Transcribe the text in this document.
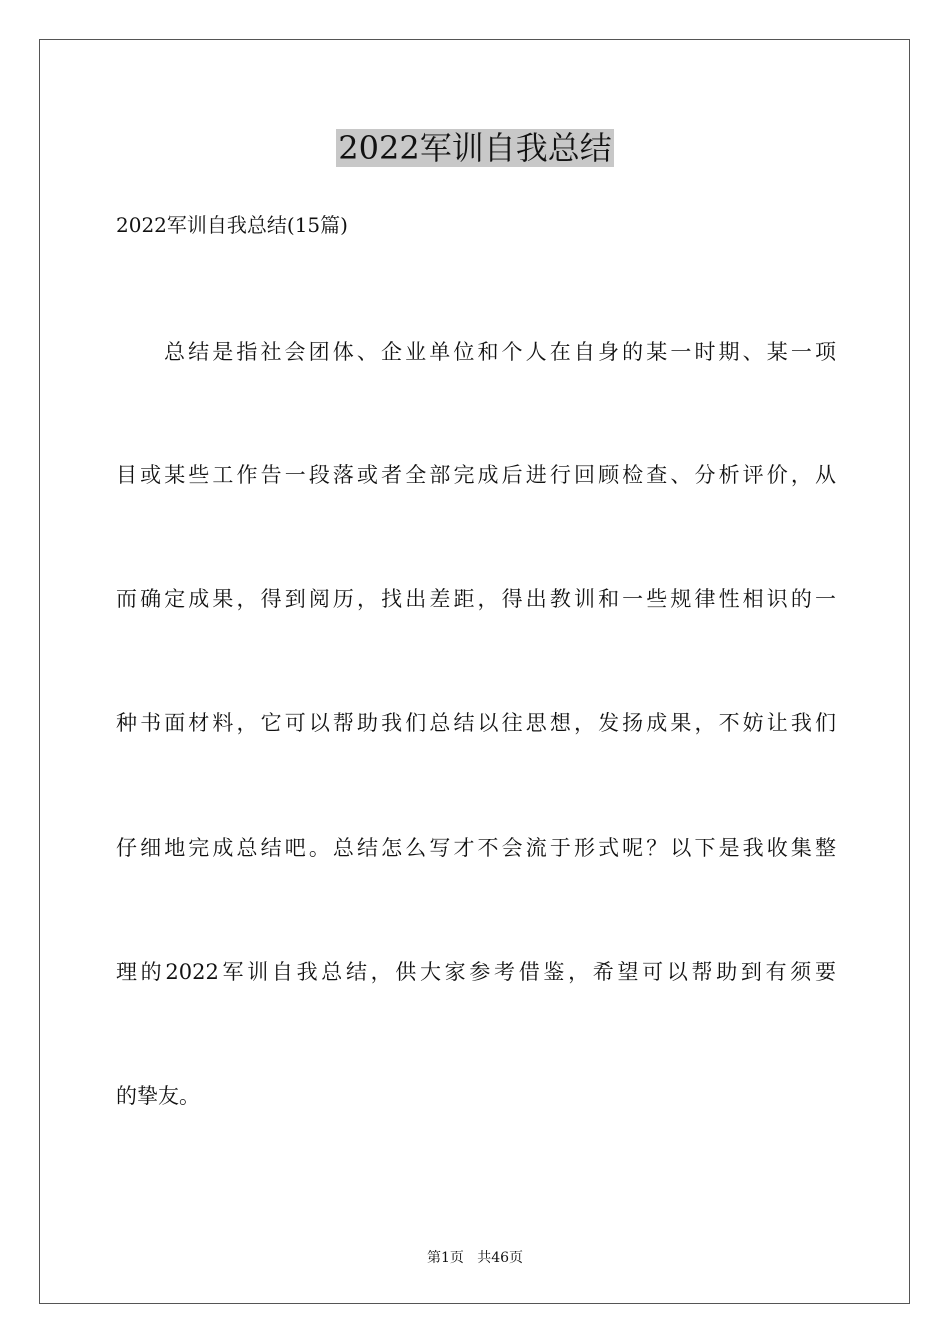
2022军训自我总结
2022军训自我总结(15篇)
总结是指社会团体、企业单位和个人在自身的某一时期、某一项
目或某些工作告一段落或者全部完成后进行回顾检查、分析评价，从
而确定成果，得到阅历，找出差距，得出教训和一些规律性相识的一
种书面材料，它可以帮助我们总结以往思想，发扬成果，不妨让我们
仔细地完成总结吧。总结怎么写才不会流于形式呢？以下是我收集整
理的2022军训自我总结，供大家参考借鉴，希望可以帮助到有须要
的挚友。
第1页   共46页
